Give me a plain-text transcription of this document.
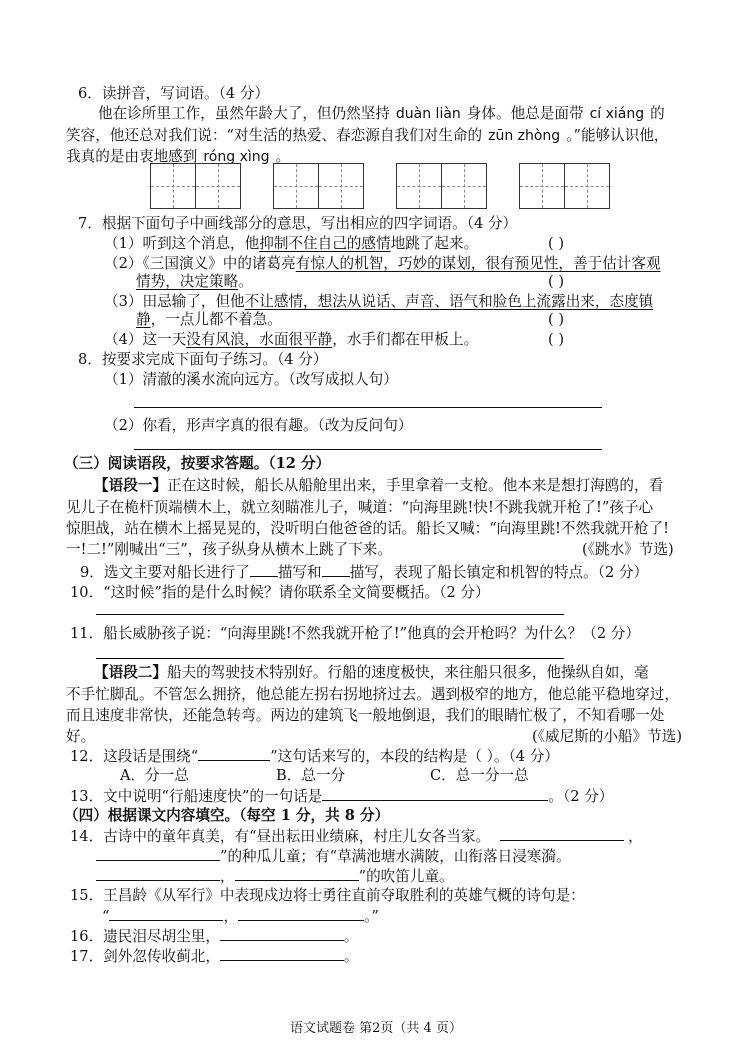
6．读拼音，写词语。（4 分）
他在诊所里工作，虽然年龄大了，但仍然坚持 duàn liàn 身体。他总是面带 cí xiáng 的
笑容，他还总对我们说：“对生活的热爱、春恋源自我们对生命的 zūn zhòng 。”能够认识他，
我真的是由衷地感到 róng xìng 。
7．根据下面句子中画线部分的意思，写出相应的四字词语。（4 分）
（1）听到这个消息，他抑制不住自己的感情地跳了起来。	( )
（2）《三国演义》中的诸葛亮有惊人的机智，巧妙的谋划，很有预见性，善于估计客观
情势，决定策略。	( )
（3）田忌输了，但他不让感情，想法从说话、声音、语气和脸色上流露出来，态度镇
静，一点儿都不着急。	( )
（4）这一天没有风浪，水面很平静，水手们都在甲板上。	( )
8．按要求完成下面句子练习。（4 分）
（1）清澈的溪水流向远方。（改写成拟人句）
（2）你看，形声字真的很有趣。（改为反问句）
（三）阅读语段，按要求答题。（12 分）
【语段一】正在这时候，船长从船舱里出来，手里拿着一支枪。他本来是想打海鸥的，看
见儿子在桅杆顶端横木上，就立刻瞄准儿子，喊道：“向海里跳!快!不跳我就开枪了!”孩子心
惊胆战，站在横木上摇晃晃的，没听明白他爸爸的话。船长又喊：“向海里跳!不然我就开枪了!
一!二!”刚喊出“三”，孩子纵身从横木上跳了下来。	(《跳水》节选)
9．选文主要对船长进行了 描写和 描写，表现了船长镇定和机智的特点。（2 分）
10．“这时候”指的是什么时候？请你联系全文简要概括。（2 分）
11．船长威胁孩子说：“向海里跳!不然我就开枪了!”他真的会开枪吗？为什么？（2 分）
【语段二】船夫的驾驶技术特别好。行船的速度极快，来往船只很多，他操纵自如，毫
不手忙脚乱。不管怎么拥挤，他总能左拐右拐地挤过去。遇到极窄的地方，他总能平稳地穿过，
而且速度非常快，还能急转弯。两边的建筑飞一般地倒退，我们的眼睛忙极了，不知看哪一处
好。	(《威尼斯的小船》节选)
12．这段话是围绕“	”这句话来写的，本段的结构是（ ）。（4 分）
A．分一总	B．总一分	C．总一分一总
13．文中说明“行船速度快”的一句话是	。（2 分）
（四）根据课文内容填空。（每空 1 分，共 8 分）
14．古诗中的童年真美，有“昼出耘田业绩麻，村庄儿女各当家。	，
”的种瓜儿童；有“草满池塘水满陂，山衔落日浸寒漪。
，	”的吹笛儿童。
15．王昌龄《从军行》中表现戍边将士勇往直前夺取胜利的英雄气概的诗句是：
“	，	。”
16．遗民泪尽胡尘里，	。
17．剑外忽传收蓟北，	。
语文试题卷 第2页（共 4 页）
